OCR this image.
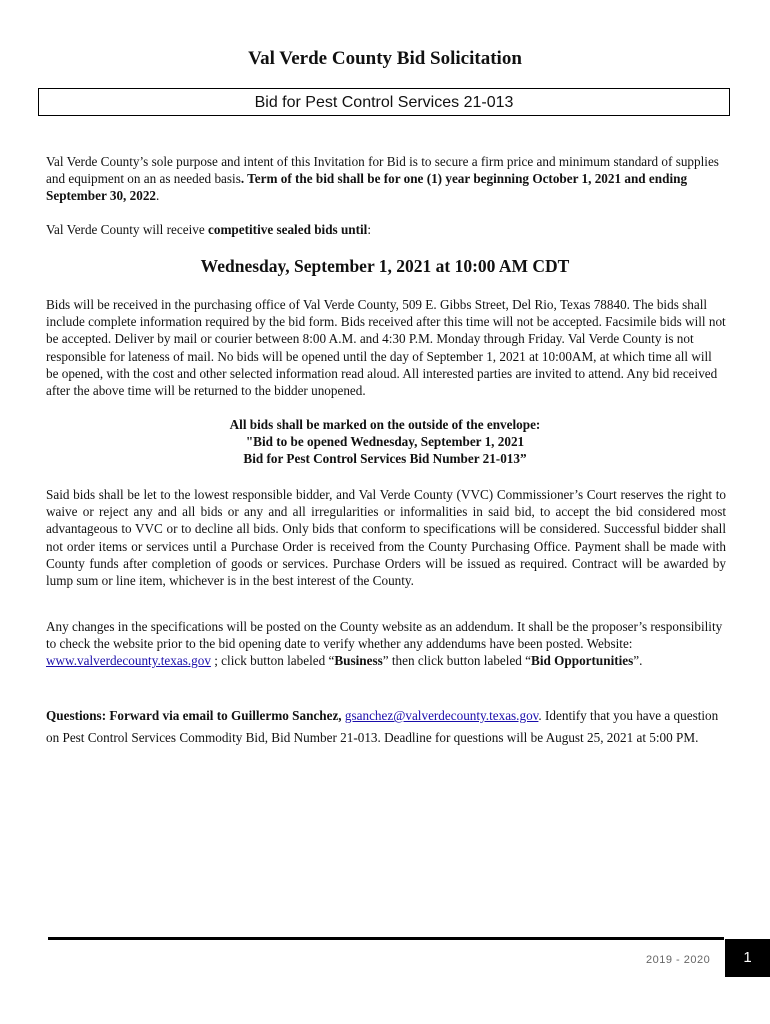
Val Verde County Bid Solicitation
Bid for Pest Control Services 21-013

Val Verde County’s sole purpose and intent of this Invitation for Bid is to secure a firm price and minimum standard of supplies and equipment on an as needed basis. Term of the bid shall be for one (1) year beginning October 1, 2021 and ending September 30, 2022.

Val Verde County will receive competitive sealed bids until:

Wednesday, September 1, 2021 at 10:00 AM CDT

Bids will be received in the purchasing office of Val Verde County, 509 E. Gibbs Street, Del Rio, Texas 78840. The bids shall include complete information required by the bid form. Bids received after this time will not be accepted. Facsimile bids will not be accepted. Deliver by mail or courier between 8:00 A.M. and 4:30 P.M. Monday through Friday. Val Verde County is not responsible for lateness of mail. No bids will be opened until the day of September 1, 2021 at 10:00AM, at which time all will be opened, with the cost and other selected information read aloud. All interested parties are invited to attend. Any bid received after the above time will be returned to the bidder unopened.

All bids shall be marked on the outside of the envelope:
"Bid to be opened Wednesday, September 1, 2021
Bid for Pest Control Services Bid Number 21-013”

Said bids shall be let to the lowest responsible bidder, and Val Verde County (VVC) Commissioner’s Court reserves the right to waive or reject any and all bids or any and all irregularities or informalities in said bid, to accept the bid considered most advantageous to VVC or to decline all bids. Only bids that conform to specifications will be considered. Successful bidder shall not order items or services until a Purchase Order is received from the County Purchasing Office. Payment shall be made with County funds after completion of goods or services. Purchase Orders will be issued as required. Contract will be awarded by lump sum or line item, whichever is in the best interest of the County.

Any changes in the specifications will be posted on the County website as an addendum. It shall be the proposer’s responsibility to check the website prior to the bid opening date to verify whether any addendums have been posted. Website: www.valverdecounty.texas.gov ; click button labeled “Business” then click button labeled “Bid Opportunities”.

Questions: Forward via email to Guillermo Sanchez, gsanchez@valverdecounty.texas.gov. Identify that you have a question on Pest Control Services Commodity Bid, Bid Number 21-013. Deadline for questions will be August 25, 2021 at 5:00 PM.

2019 - 2020	1
